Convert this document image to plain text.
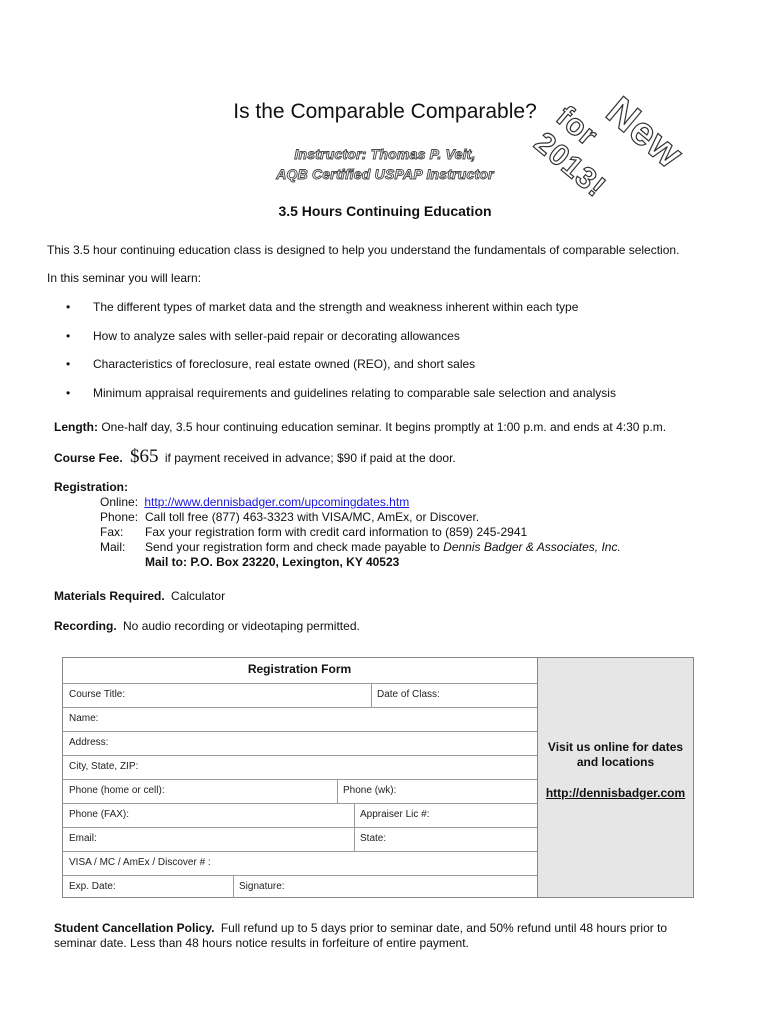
Is the Comparable Comparable?
Instructor: Thomas P. Veit,
AQB Certified USPAP Instructor	New
for 2013!
3.5 Hours Continuing Education
This 3.5 hour continuing education class is designed to help you understand the fundamentals of comparable selection.
In this seminar you will learn:
• The different types of market data and the strength and weakness inherent within each type
• How to analyze sales with seller-paid repair or decorating allowances
• Characteristics of foreclosure, real estate owned (REO), and short sales
• Minimum appraisal requirements and guidelines relating to comparable sale selection and analysis
Length: One-half day, 3.5 hour continuing education seminar. It begins promptly at 1:00 p.m. and ends at 4:30 p.m.
Course Fee. $65 if payment received in advance; $90 if paid at the door.
Registration:
Online: http://www.dennisbadger.com/upcomingdates.htm
Phone: Call toll free (877) 463-3323 with VISA/MC, AmEx, or Discover.
Fax: Fax your registration form with credit card information to (859) 245-2941
Mail: Send your registration form and check made payable to Dennis Badger & Associates, Inc.
Mail to: P.O. Box 23220, Lexington, KY 40523
Materials Required. Calculator
Recording. No audio recording or videotaping permitted.
Registration Form
Course Title:	Date of Class:
Name:
Address:
City, State, ZIP:
Phone (home or cell):	Phone (wk):
Phone (FAX):	Appraiser Lic #:
Email:	State:
VISA / MC / AmEx / Discover # :
Exp. Date:	Signature:
Visit us online for dates
and locations
http://dennisbadger.com
Student Cancellation Policy. Full refund up to 5 days prior to seminar date, and 50% refund until 48 hours prior to
seminar date. Less than 48 hours notice results in forfeiture of entire payment.
